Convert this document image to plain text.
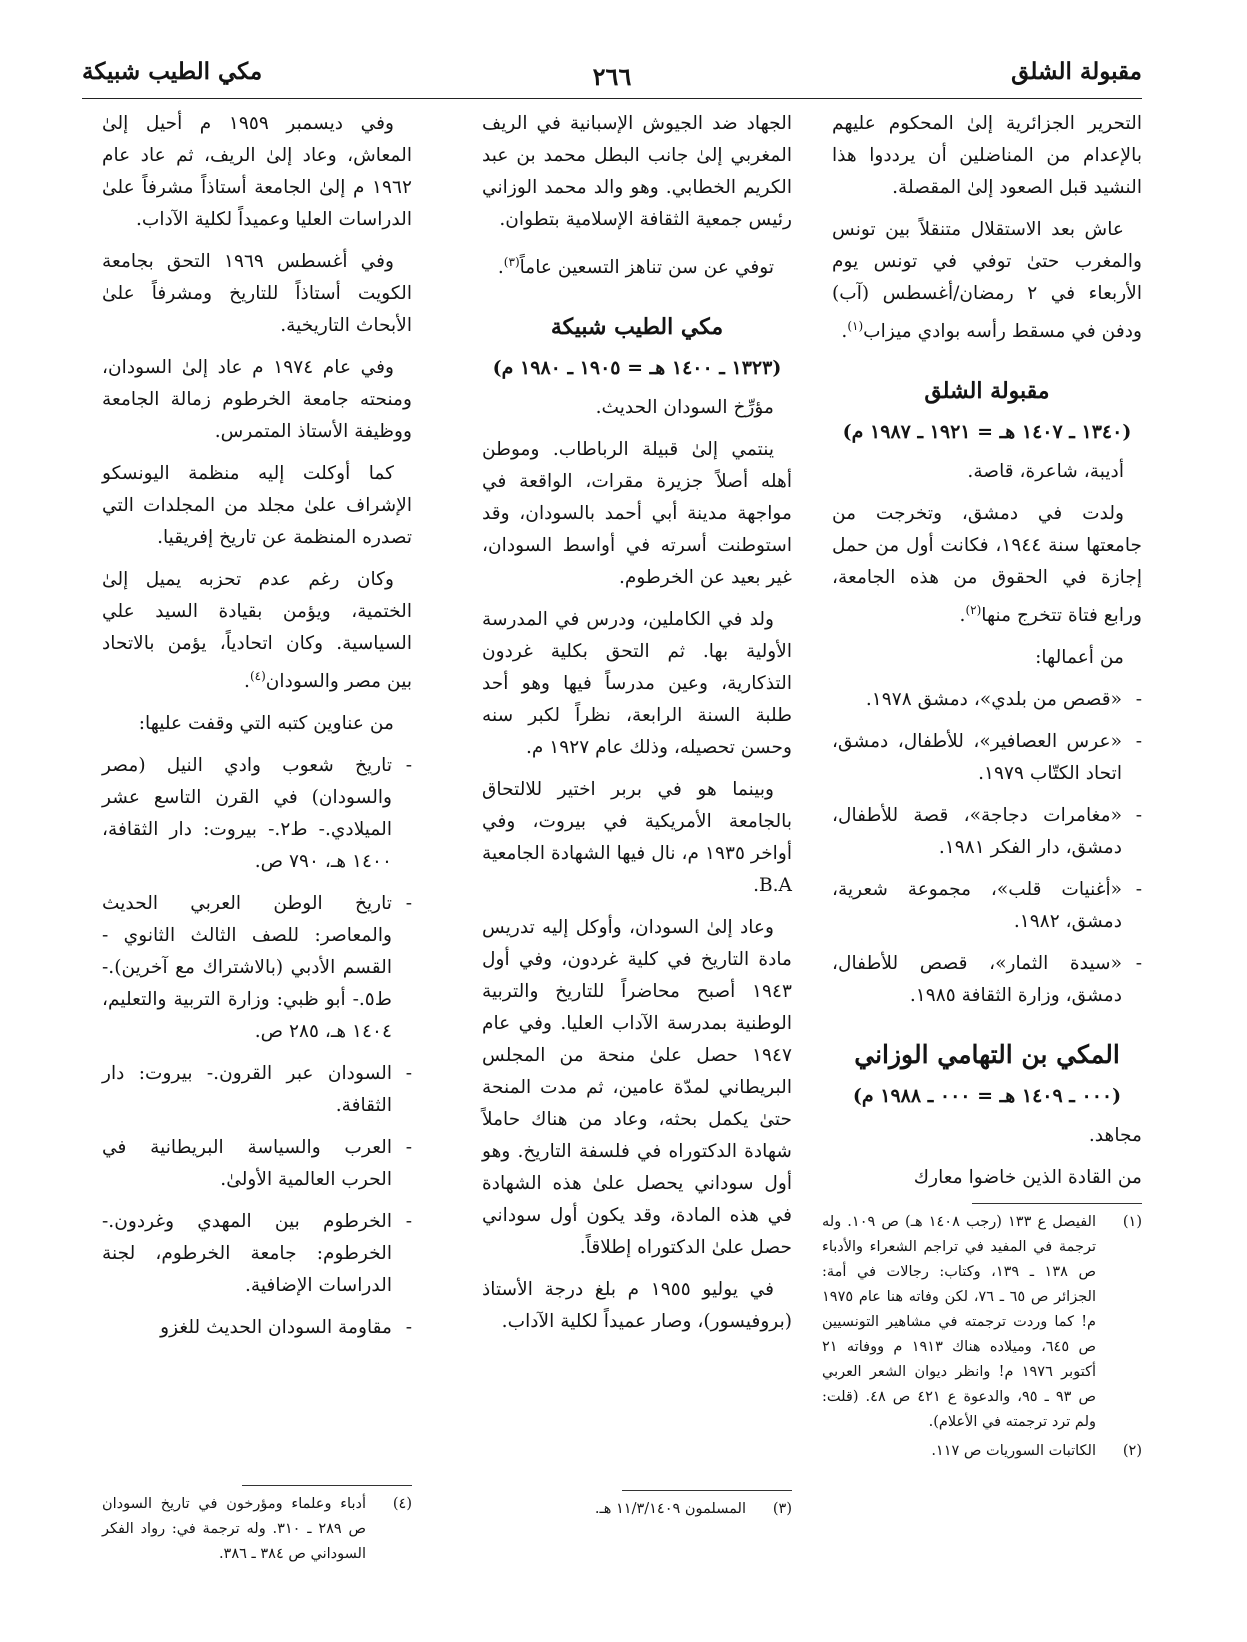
مقبولة الشلق
٢٦٦
مكي الطيب شبيكة

التحرير الجزائرية إلىٰ المحكوم عليهم بالإعدام من المناضلين أن يرددوا هذا النشيد قبل الصعود إلىٰ المقصلة.

عاش بعد الاستقلال متنقلاً بين تونس والمغرب حتىٰ توفي في تونس يوم الأربعاء في ٢ رمضان/أغسطس (آب) ودفن في مسقط رأسه بوادي ميزاب$^{(١)}$.

مقبولة الشلق
(١٣٤٠ ـ ١٤٠٧ هـ = ١٩٢١ ـ ١٩٨٧ م)

أديبة، شاعرة، قاصة.

ولدت في دمشق، وتخرجت من جامعتها سنة ١٩٤٤، فكانت أول من حمل إجازة في الحقوق من هذه الجامعة، ورابع فتاة تتخرج منها$^{(٢)}$.

من أعمالها:

-
«قصص من بلدي»، دمشق ١٩٧٨.
-
«عرس العصافير»، للأطفال، دمشق، اتحاد الكتّاب ١٩٧٩.
-
«مغامرات دجاجة»، قصة للأطفال، دمشق، دار الفكر ١٩٨١.
-
«أغنيات قلب»، مجموعة شعرية، دمشق، ١٩٨٢.
-
«سيدة الثمار»، قصص للأطفال، دمشق، وزارة الثقافة ١٩٨٥.
المكي بن التهامي الوزاني
(٠٠٠ ـ ١٤٠٩ هـ = ٠٠٠ ـ ١٩٨٨ م)

مجاهد.

من القادة الذين خاضوا معارك

(١)
الفيصل ع ١٣٣ (رجب ١٤٠٨ هـ) ص ١٠٩. وله ترجمة في المفيد في تراجم الشعراء والأدباء ص ١٣٨ ـ ١٣٩، وكتاب: رجالات في أمة: الجزائر ص ٦٥ ـ ٧٦، لكن وفاته هنا عام ١٩٧٥ م! كما وردت ترجمته في مشاهير التونسيين ص ٦٤٥، وميلاده هناك ١٩١٣ م ووفاته ٢١ أكتوبر ١٩٧٦ م! وانظر ديوان الشعر العربي ص ٩٣ ـ ٩٥، والدعوة ع ٤٢١ ص ٤٨. (قلت: ولم ترد ترجمته في الأعلام).
(٢)
الكاتبات السوريات ص ١١٧.

الجهاد ضد الجيوش الإسبانية في الريف المغربي إلىٰ جانب البطل محمد بن عبد الكريم الخطابي. وهو والد محمد الوزاني رئيس جمعية الثقافة الإسلامية بتطوان.

توفي عن سن تناهز التسعين عاماً$^{(٣)}$.

مكي الطيب شبيكة
(١٣٢٣ ـ ١٤٠٠ هـ = ١٩٠٥ ـ ١٩٨٠ م)

مؤرِّخ السودان الحديث.

ينتمي إلىٰ قبيلة الرباطاب. وموطن أهله أصلاً جزيرة مقرات، الواقعة في مواجهة مدينة أبي أحمد بالسودان، وقد استوطنت أسرته في أواسط السودان، غير بعيد عن الخرطوم.

ولد في الكاملين، ودرس في المدرسة الأولية بها. ثم التحق بكلية غردون التذكارية، وعين مدرساً فيها وهو أحد طلبة السنة الرابعة، نظراً لكبر سنه وحسن تحصيله، وذلك عام ١٩٢٧ م.

وبينما هو في بربر اختير للالتحاق بالجامعة الأمريكية في بيروت، وفي أواخر ١٩٣٥ م، نال فيها الشهادة الجامعية B.A.

وعاد إلىٰ السودان، وأوكل إليه تدريس مادة التاريخ في كلية غردون، وفي أول ١٩٤٣ أصبح محاضراً للتاريخ والتربية الوطنية بمدرسة الآداب العليا. وفي عام ١٩٤٧ حصل علىٰ منحة من المجلس البريطاني لمدّة عامين، ثم مدت المنحة حتىٰ يكمل بحثه، وعاد من هناك حاملاً شهادة الدكتوراه في فلسفة التاريخ. وهو أول سوداني يحصل علىٰ هذه الشهادة في هذه المادة، وقد يكون أول سوداني حصل علىٰ الدكتوراه إطلاقاً.

في يوليو ١٩٥٥ م بلغ درجة الأستاذ (بروفيسور)، وصار عميداً لكلية الآداب.

(٣)
المسلمون ١١/٣/١٤٠٩ هـ.

وفي ديسمبر ١٩٥٩ م أحيل إلىٰ المعاش، وعاد إلىٰ الريف، ثم عاد عام ١٩٦٢ م إلىٰ الجامعة أستاذاً مشرفاً علىٰ الدراسات العليا وعميداً لكلية الآداب.

وفي أغسطس ١٩٦٩ التحق بجامعة الكويت أستاذاً للتاريخ ومشرفاً علىٰ الأبحاث التاريخية.

وفي عام ١٩٧٤ م عاد إلىٰ السودان، ومنحته جامعة الخرطوم زمالة الجامعة ووظيفة الأستاذ المتمرس.

كما أوكلت إليه منظمة اليونسكو الإشراف علىٰ مجلد من المجلدات التي تصدره المنظمة عن تاريخ إفريقيا.

وكان رغم عدم تحزبه يميل إلىٰ الختمية، ويؤمن بقيادة السيد علي السياسية. وكان اتحادياً، يؤمن بالاتحاد بين مصر والسودان$^{(٤)}$.

من عناوين كتبه التي وقفت عليها:

-
تاريخ شعوب وادي النيل (مصر والسودان) في القرن التاسع عشر الميلادي.- ط٢.- بيروت: دار الثقافة، ١٤٠٠ هـ، ٧٩٠ ص.
-
تاريخ الوطن العربي الحديث والمعاصر: للصف الثالث الثانوي - القسم الأدبي (بالاشتراك مع آخرين).- ط٥.- أبو ظبي: وزارة التربية والتعليم، ١٤٠٤ هـ، ٢٨٥ ص.
-
السودان عبر القرون.- بيروت: دار الثقافة.
-
العرب والسياسة البريطانية في الحرب العالمية الأولىٰ.
-
الخرطوم بين المهدي وغردون.- الخرطوم: جامعة الخرطوم، لجنة الدراسات الإضافية.
-
مقاومة السودان الحديث للغزو
(٤)
أدباء وعلماء ومؤرخون في تاريخ السودان ص ٢٨٩ ـ ٣١٠. وله ترجمة في: رواد الفكر السوداني ص ٣٨٤ ـ ٣٨٦.
